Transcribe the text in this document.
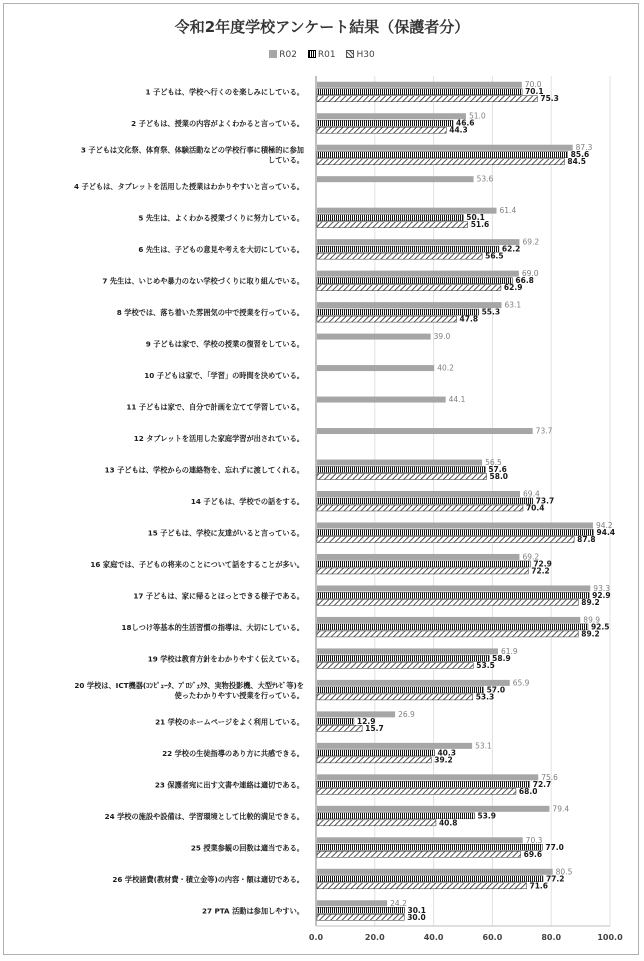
令和2年度学校アンケート結果（保護者分）
R02 R01 H30
1 子どもは、学校へ行くのを楽しみにしている。
70.0
70.1
75.3
2 子どもは、授業の内容がよくわかると言っている。
51.0
46.6
44.3
3 子どもは文化祭、体育祭、体験活動などの学校行事に積極的に参加
している。
87.3
85.6
84.5
4 子どもは、タブレットを活用した授業はわかりやすいと言っている。
53.6
5 先生は、よくわかる授業づくりに努力している。
61.4
50.1
51.6
6 先生は、子どもの意見や考えを大切にしている。
69.2
62.2
56.5
7 先生は、いじめや暴力のない学校づくりに取り組んでいる。
69.0
66.8
62.9
8 学校では、落ち着いた雰囲気の中で授業を行っている。
63.1
55.3
47.8
9 子どもは家で、学校の授業の復習をしている。
39.0
10 子どもは家で、「学習」の時間を決めている。
40.2
11 子どもは家で、自分で計画を立てて学習している。
44.1
12 タブレットを活用した家庭学習が出されている。
73.7
13 子どもは、学校からの連絡物を、忘れずに渡してくれる。
56.5
57.6
58.0
14 子どもは、学校での話をする。
69.4
73.7
70.4
15 子どもは、学校に友達がいると言っている。
94.2
94.4
87.8
16 家庭では、子どもの将来のことについて話をすることが多い。
69.2
72.9
72.2
17 子どもは、家に帰るとほっとできる様子である。
93.3
92.9
89.2
18しつけ等基本的生活習慣の指導は、大切にしている。
89.9
92.5
89.2
19 学校は教育方針をわかりやすく伝えている。
61.9
58.9
53.5
20 学校は、ICT機器(ｺﾝﾋﾟｭｰﾀ、ﾌﾟﾛｼﾞｪｸﾀ、実物投影機、大型ﾃﾚﾋﾞ等)を
使ったわかりやすい授業を行っている。
65.9
57.0
53.3
21 学校のホームページをよく利用している。
26.9
12.9
15.7
22 学校の生徒指導のあり方に共感できる。
53.1
40.3
39.2
23 保護者宛に出す文書や連絡は適切である。
75.6
72.7
68.0
24 学校の施設や設備は、学習環境として比較的満足できる。
79.4
53.9
40.8
25 授業参観の回数は適当である。
70.3
77.0
69.6
26 学校諸費(教材費・積立金等)の内容・額は適切である。
80.5
77.2
71.6
27 PTA 活動は参加しやすい。
24.2
30.1
30.0
0.0	20.0	40.0	60.0	80.0	100.0
